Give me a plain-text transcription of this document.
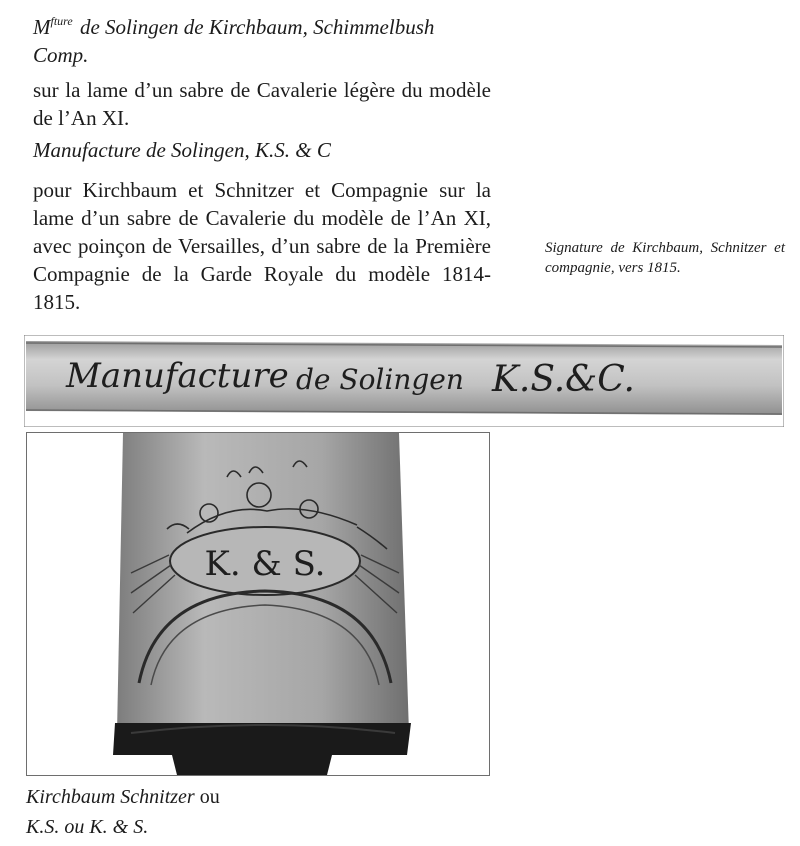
$M^{fture}$ de Solingen de Kirchbaum, Schimmelbush Comp.

sur la lame d’un sabre de Cavalerie légère du modèle de l’An XI.

Manufacture de Solingen, K.S. & C

pour Kirchbaum et Schnitzer et Compagnie sur la lame d’un sabre de Cavalerie du modèle de l’An XI, avec poinçon de Versailles, d’un sabre de la Première Compagnie de la Garde Royale du modèle 1814-1815.

Signature de Kirchbaum, Schnitzer et compagnie, vers 1815.

Manufacture de Solingen K.S.&C.
K. & S.
Kirchbaum Schnitzer ou
K.S. ou K. & S.
